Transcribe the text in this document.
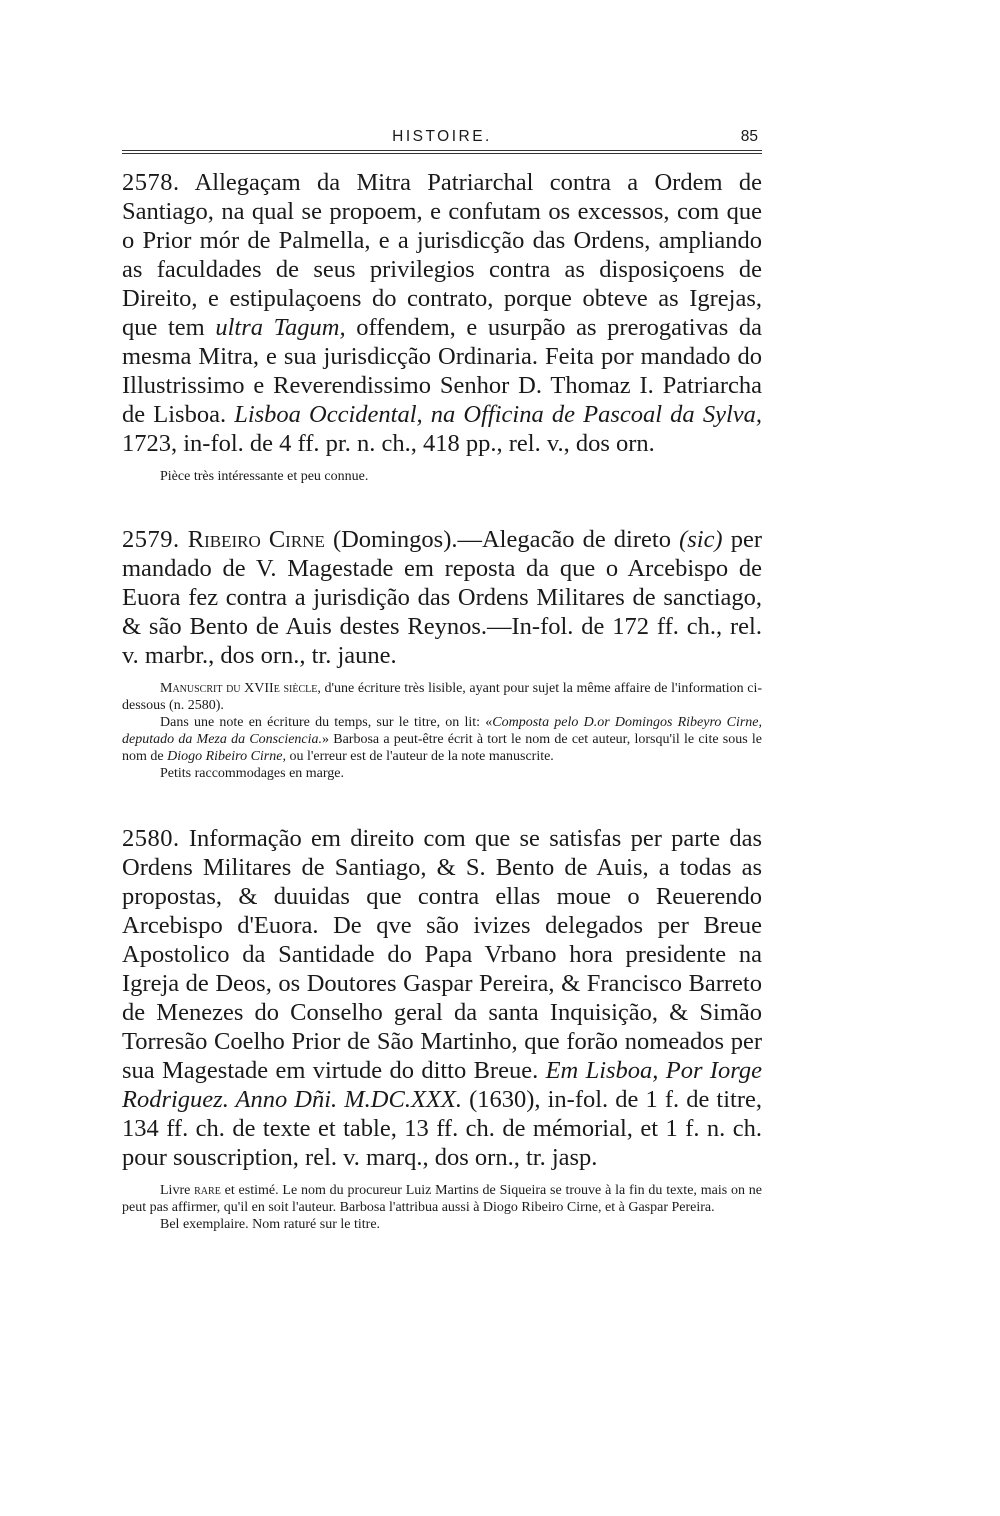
HISTOIRE.	85

2578. Allegaçam da Mitra Patriarchal contra a Ordem de Santiago, na qual se propoem, e confutam os excessos, com que o Prior mór de Palmella, e a jurisdicção das Ordens, ampliando as faculdades de seus privilegios contra as disposiçoens de Direito, e estipulaçoens do contrato, porque obteve as Igrejas, que tem ultra Tagum, offendem, e usurpão as prerogativas da mesma Mitra, e sua jurisdicção Ordinaria. Feita por mandado do Illustrissimo e Reverendissimo Senhor D. Thomaz I. Patriarcha de Lisboa. Lisboa Occidental, na Officina de Pascoal da Sylva, 1723, in-fol. de 4 ff. pr. n. ch., 418 pp., rel. v., dos orn.

Pièce très intéressante et peu connue.

2579. Ribeiro Cirne (Domingos).—Alegacão de direto (sic) per mandado de V. Magestade em reposta da que o Arcebispo de Euora fez contra a jurisdição das Ordens Militares de sanctiago, & são Bento de Auis destes Reynos.—In-fol. de 172 ff. ch., rel. v. marbr., dos orn., tr. jaune.

Manuscrit du XVIIe siècle, d'une écriture très lisible, ayant pour sujet la même affaire de l'information ci-dessous (n. 2580).

Dans une note en écriture du temps, sur le titre, on lit: «Composta pelo D.or Domingos Ribeyro Cirne, deputado da Meza da Consciencia.» Barbosa a peut-être écrit à tort le nom de cet auteur, lorsqu'il le cite sous le nom de Diogo Ribeiro Cirne, ou l'erreur est de l'auteur de la note manuscrite.

Petits raccommodages en marge.

2580. Informação em direito com que se satisfas per parte das Ordens Militares de Santiago, & S. Bento de Auis, a todas as propostas, & duuidas que contra ellas moue o Reuerendo Arcebispo d'Euora. De qve são ivizes delegados per Breue Apostolico da Santidade do Papa Vrbano hora presidente na Igreja de Deos, os Doutores Gaspar Pereira, & Francisco Barreto de Menezes do Conselho geral da santa Inquisição, & Simão Torresão Coelho Prior de São Martinho, que forão nomeados per sua Magestade em virtude do ditto Breue. Em Lisboa, Por Iorge Rodriguez. Anno Dñi. M.DC.XXX. (1630), in-fol. de 1 f. de titre, 134 ff. ch. de texte et table, 13 ff. ch. de mémorial, et 1 f. n. ch. pour souscription, rel. v. marq., dos orn., tr. jasp.

Livre rare et estimé. Le nom du procureur Luiz Martins de Siqueira se trouve à la fin du texte, mais on ne peut pas affirmer, qu'il en soit l'auteur. Barbosa l'attribua aussi à Diogo Ribeiro Cirne, et à Gaspar Pereira.

Bel exemplaire. Nom raturé sur le titre.
